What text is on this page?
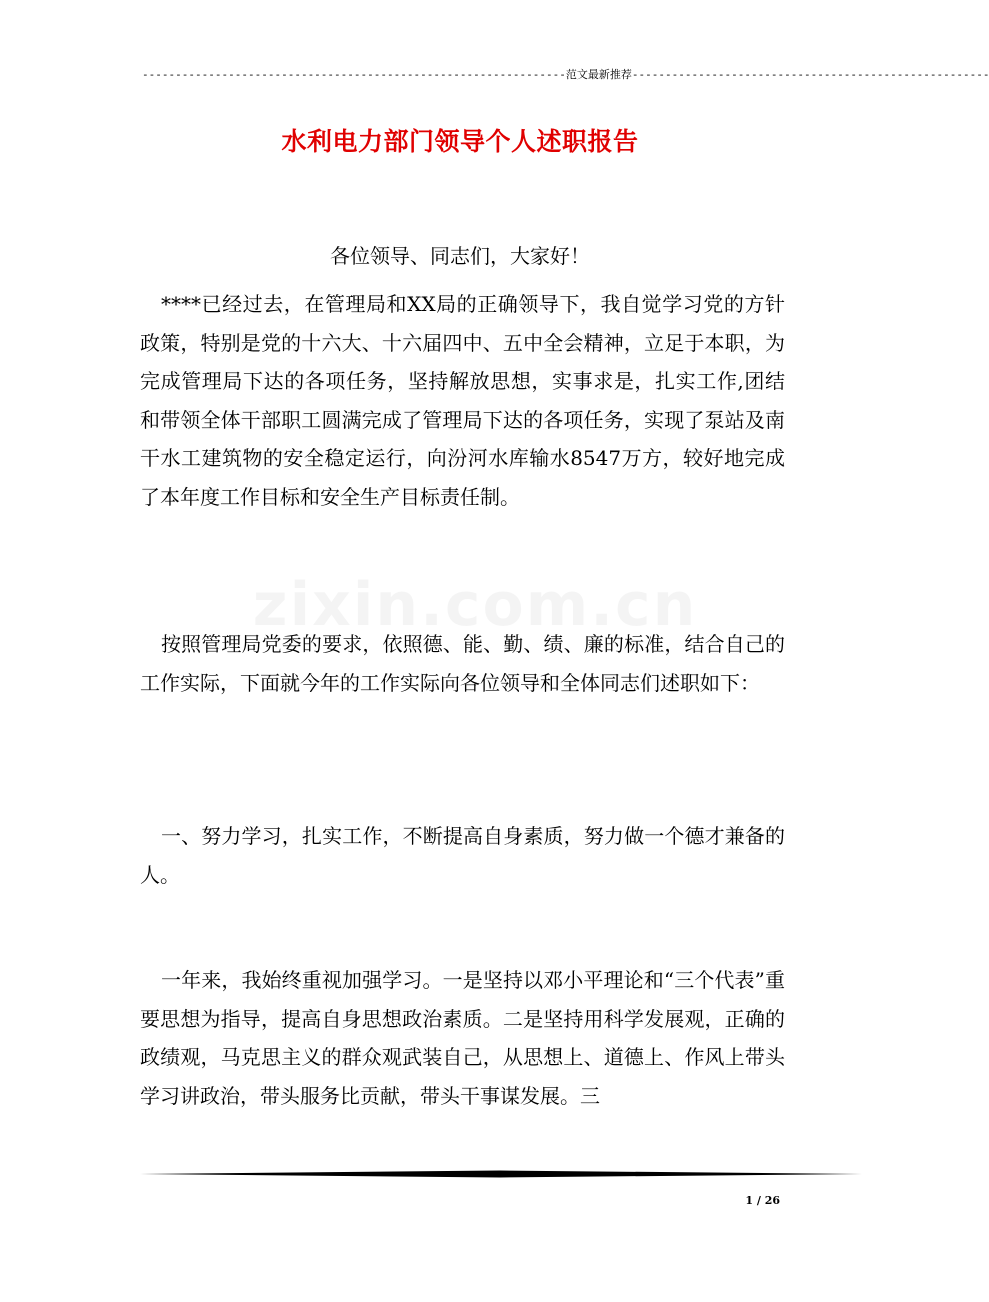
----------------------------------------------------------------范文最新推荐------------------------------------------------------
水利电力部门领导个人述职报告
各位领导、同志们，大家好！
****已经过去，在管理局和XX局的正确领导下，我自觉学习党的方针政策，特别是党的十六大、十六届四中、五中全会精神，立足于本职，为完成管理局下达的各项任务，坚持解放思想，实事求是，扎实工作,团结和带领全体干部职工圆满完成了管理局下达的各项任务，实现了泵站及南干水工建筑物的安全稳定运行，向汾河水库输水8547万方，较好地完成了本年度工作目标和安全生产目标责任制。
按照管理局党委的要求，依照德、能、勤、绩、廉的标准，结合自己的工作实际，下面就今年的工作实际向各位领导和全体同志们述职如下：
一、努力学习，扎实工作，不断提高自身素质，努力做一个德才兼备的人。
一年来，我始终重视加强学习。一是坚持以邓小平理论和“三个代表”重要思想为指导，提高自身思想政治素质。二是坚持用科学发展观，正确的政绩观，马克思主义的群众观武装自己，从思想上、道德上、作风上带头学习讲政治，带头服务比贡献，带头干事谋发展。三
1 / 26
